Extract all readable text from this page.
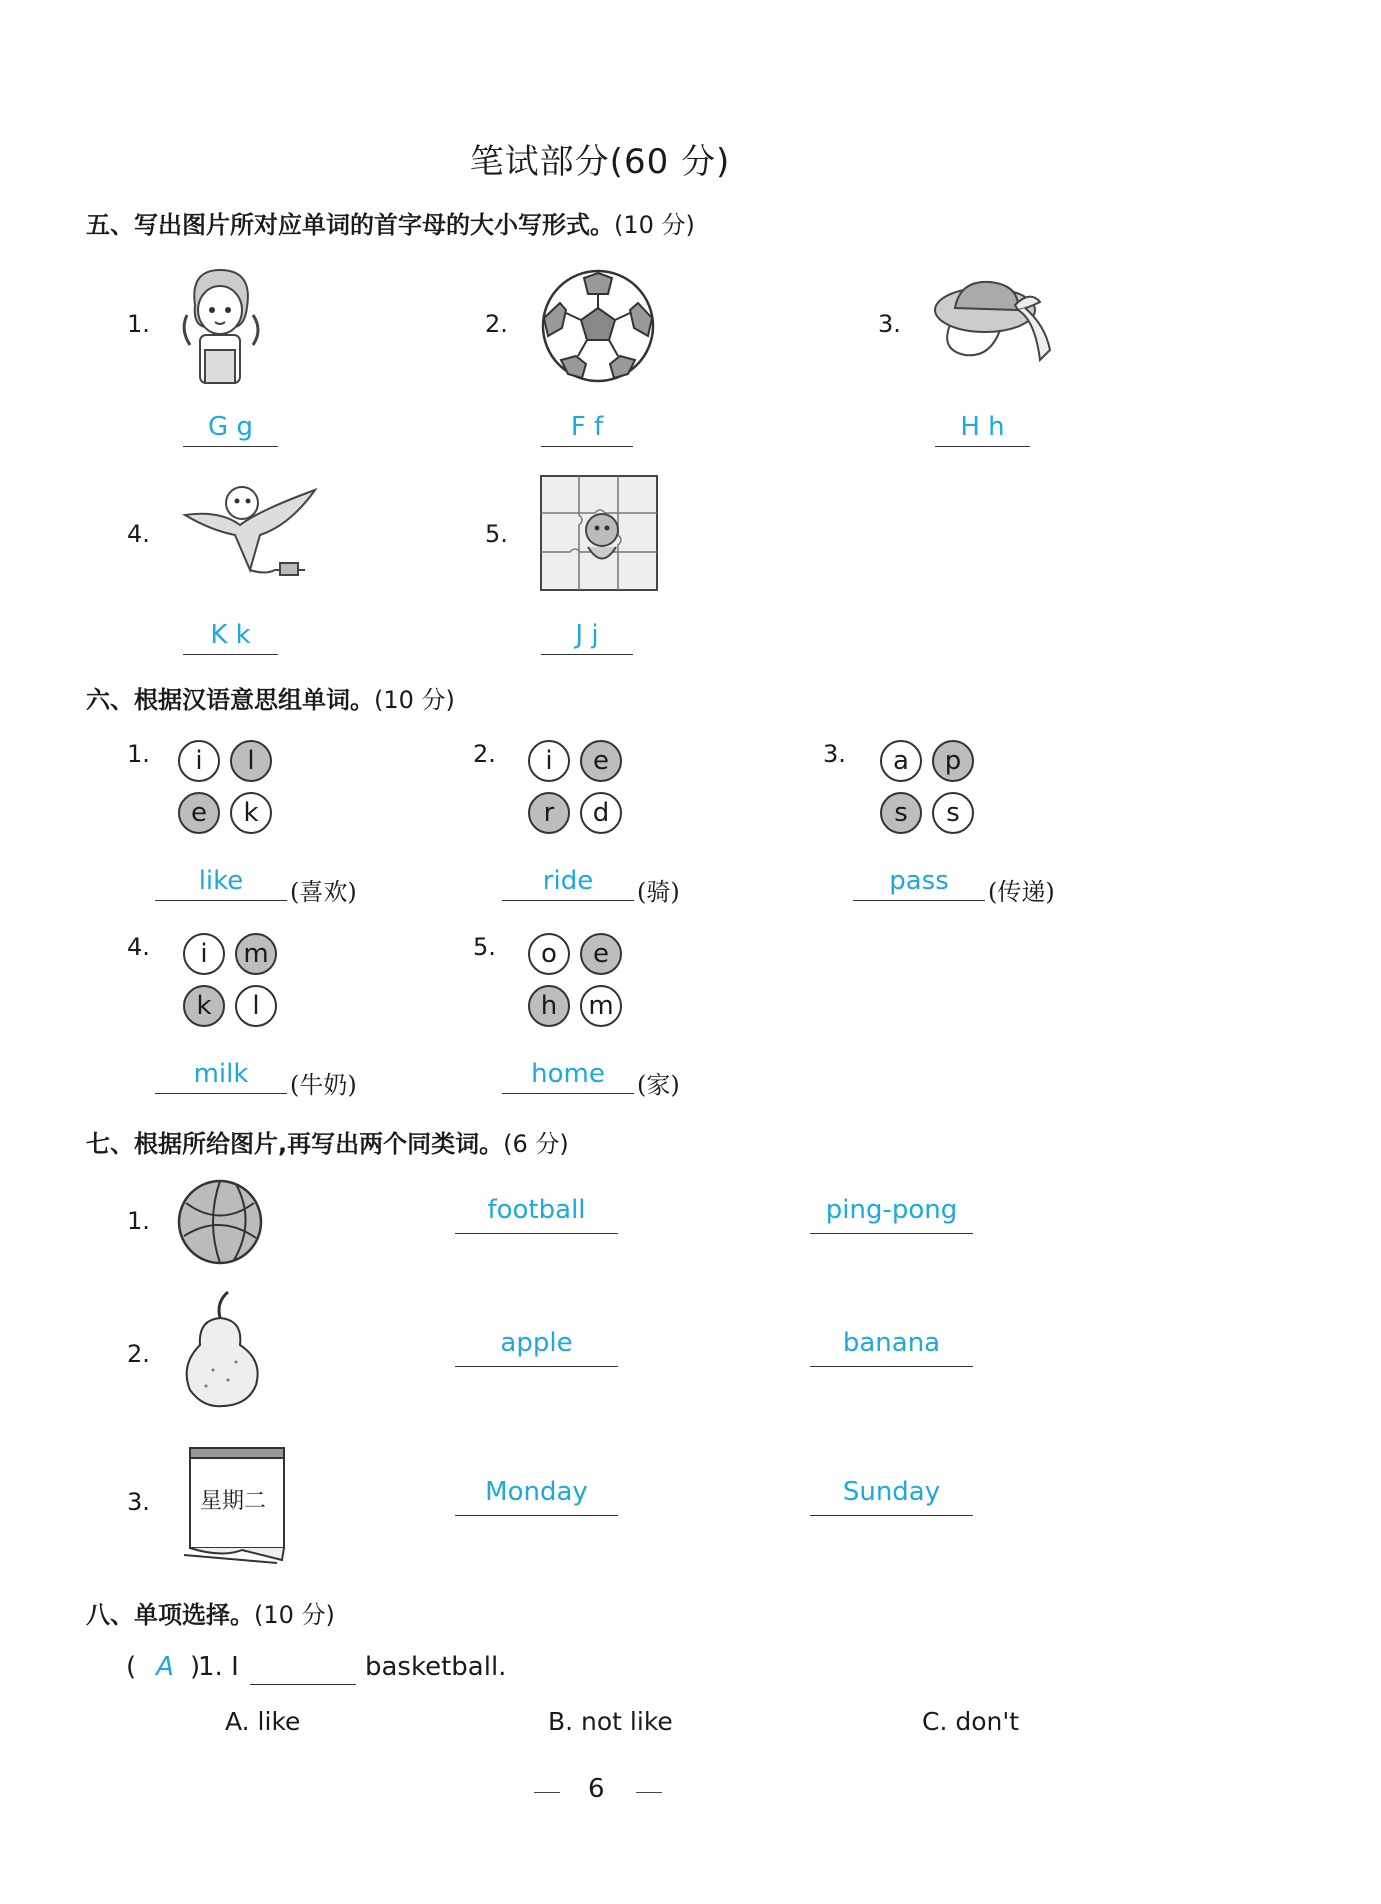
笔试部分(60 分)
五、写出图片所对应单词的首字母的大小写形式。(10 分)
1.
G g
2.
F f
3.
H h
4.
K k
5.
J j
六、根据汉语意思组单词。(10 分)
1.	i	l
e	k
like	(喜欢)
2.	i	e
r	d
ride	(骑)
3.	a	p
s	s
pass	(传递)
4.	i	m
k	l
milk	(牛奶)
5.	o	e
h	m
home	(家)
七、根据所给图片,再写出两个同类词。(6 分)
1.	football	ping-pong
2.	apple	banana
3. 星期二	Monday	Sunday
八、单项选择。(10 分)
( A )
1. I	basketball.
A. like	B. not like	C. don't
6
